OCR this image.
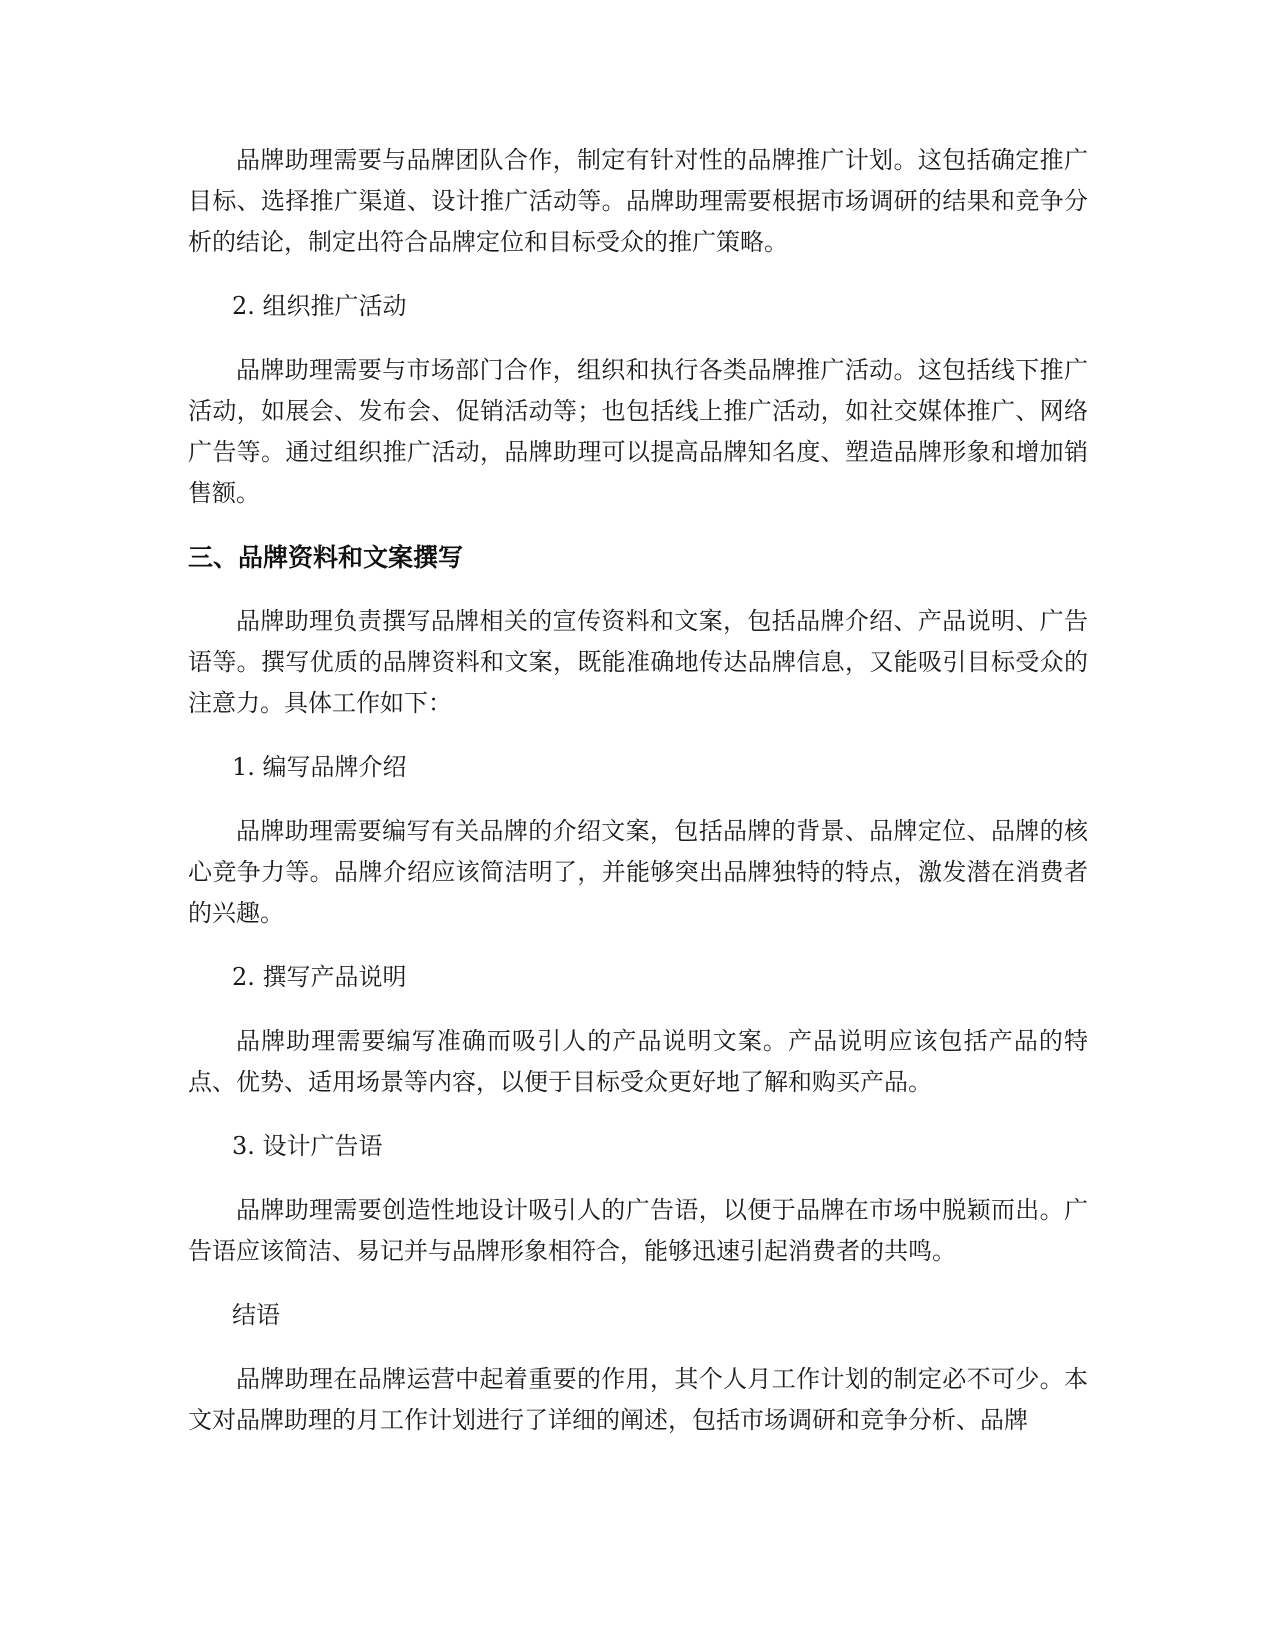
品牌助理需要与品牌团队合作，制定有针对性的品牌推广计划。这包括确定推广目标、选择推广渠道、设计推广活动等。品牌助理需要根据市场调研的结果和竞争分析的结论，制定出符合品牌定位和目标受众的推广策略。

2. 组织推广活动

品牌助理需要与市场部门合作，组织和执行各类品牌推广活动。这包括线下推广活动，如展会、发布会、促销活动等；也包括线上推广活动，如社交媒体推广、网络广告等。通过组织推广活动，品牌助理可以提高品牌知名度、塑造品牌形象和增加销售额。

三、品牌资料和文案撰写

品牌助理负责撰写品牌相关的宣传资料和文案，包括品牌介绍、产品说明、广告语等。撰写优质的品牌资料和文案，既能准确地传达品牌信息，又能吸引目标受众的注意力。具体工作如下：

1. 编写品牌介绍

品牌助理需要编写有关品牌的介绍文案，包括品牌的背景、品牌定位、品牌的核心竞争力等。品牌介绍应该简洁明了，并能够突出品牌独特的特点，激发潜在消费者的兴趣。

2. 撰写产品说明

品牌助理需要编写准确而吸引人的产品说明文案。产品说明应该包括产品的特点、优势、适用场景等内容，以便于目标受众更好地了解和购买产品。

3. 设计广告语

品牌助理需要创造性地设计吸引人的广告语，以便于品牌在市场中脱颖而出。广告语应该简洁、易记并与品牌形象相符合，能够迅速引起消费者的共鸣。

结语

品牌助理在品牌运营中起着重要的作用，其个人月工作计划的制定必不可少。本文对品牌助理的月工作计划进行了详细的阐述，包括市场调研和竞争分析、品牌
